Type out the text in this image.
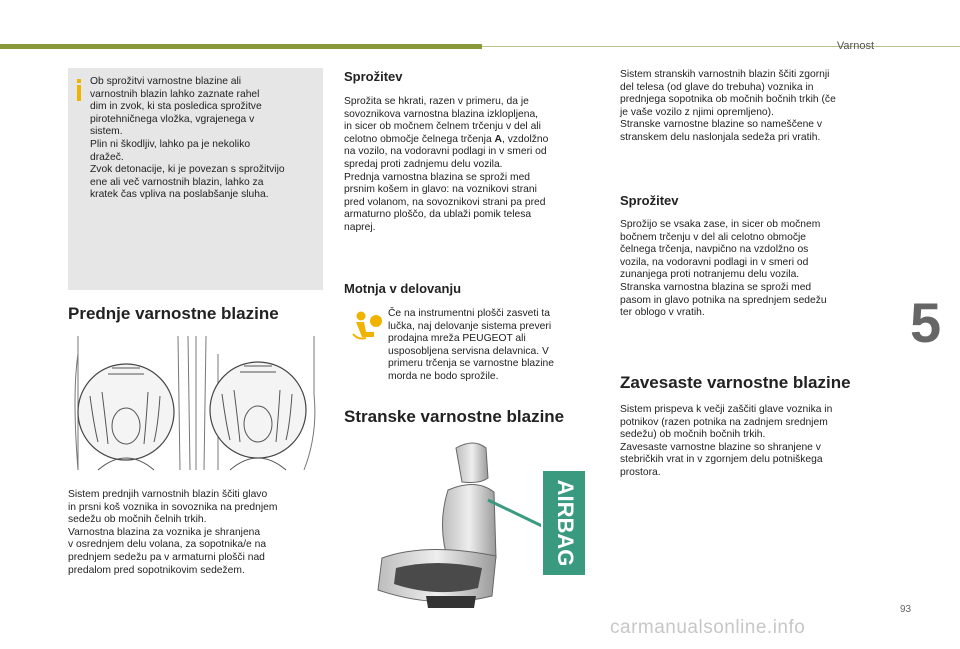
Varnost
5
Ob sprožitvi varnostne blazine ali
varnostnih blazin lahko zaznate rahel
dim in zvok, ki sta posledica sprožitve
pirotehničnega vložka, vgrajenega v
sistem.
Plin ni škodljiv, lahko pa je nekoliko
dražeč.
Zvok detonacije, ki je povezan s sprožitvijo
ene ali več varnostnih blazin, lahko za
kratek čas vpliva na poslabšanje sluha.
Prednje varnostne blazine
Sistem prednjih varnostnih blazin ščiti glavo
in prsni koš voznika in sovoznika na prednjem
sedežu ob močnih čelnih trkih.
Varnostna blazina za voznika je shranjena
v osrednjem delu volana, za sopotnika/e na
prednjem sedežu pa v armaturni plošči nad
predalom pred sopotnikovim sedežem.
Sprožitev
Sprožita se hkrati, razen v primeru, da je
sovoznikova varnostna blazina izklopljena,
in sicer ob močnem čelnem trčenju v del ali
celotno območje čelnega trčenja A, vzdolžno
na vozilo, na vodoravni podlagi in v smeri od
spredaj proti zadnjemu delu vozila.
Prednja varnostna blazina se sproži med
prsnim košem in glavo: na voznikovi strani
pred volanom, na sovoznikovi strani pa pred
armaturno ploščo, da ublaži pomik telesa
naprej.
Motnja v delovanju
Če na instrumentni plošči zasveti ta
lučka, naj delovanje sistema preveri
prodajna mreža PEUGEOT ali
usposobljena servisna delavnica. V
primeru trčenja se varnostne blazine
morda ne bodo sprožile.
Stranske varnostne blazine
AIRBAG
Sistem stranskih varnostnih blazin ščiti zgornji
del telesa (od glave do trebuha) voznika in
prednjega sopotnika ob močnih bočnih trkih (če
je vaše vozilo z njimi opremljeno).
Stranske varnostne blazine so nameščene v
stranskem delu naslonjala sedeža pri vratih.
Sprožitev
Sprožijo se vsaka zase, in sicer ob močnem
bočnem trčenju v del ali celotno območje
čelnega trčenja, navpično na vzdolžno os
vozila, na vodoravni podlagi in v smeri od
zunanjega proti notranjemu delu vozila.
Stranska varnostna blazina se sproži med
pasom in glavo potnika na sprednjem sedežu
ter oblogo v vratih.
Zavesaste varnostne blazine
Sistem prispeva k večji zaščiti glave voznika in
potnikov (razen potnika na zadnjem srednjem
sedežu) ob močnih bočnih trkih.
Zavesaste varnostne blazine so shranjene v
stebričkih vrat in v zgornjem delu potniškega
prostora.
93
carmanualsonline.info
